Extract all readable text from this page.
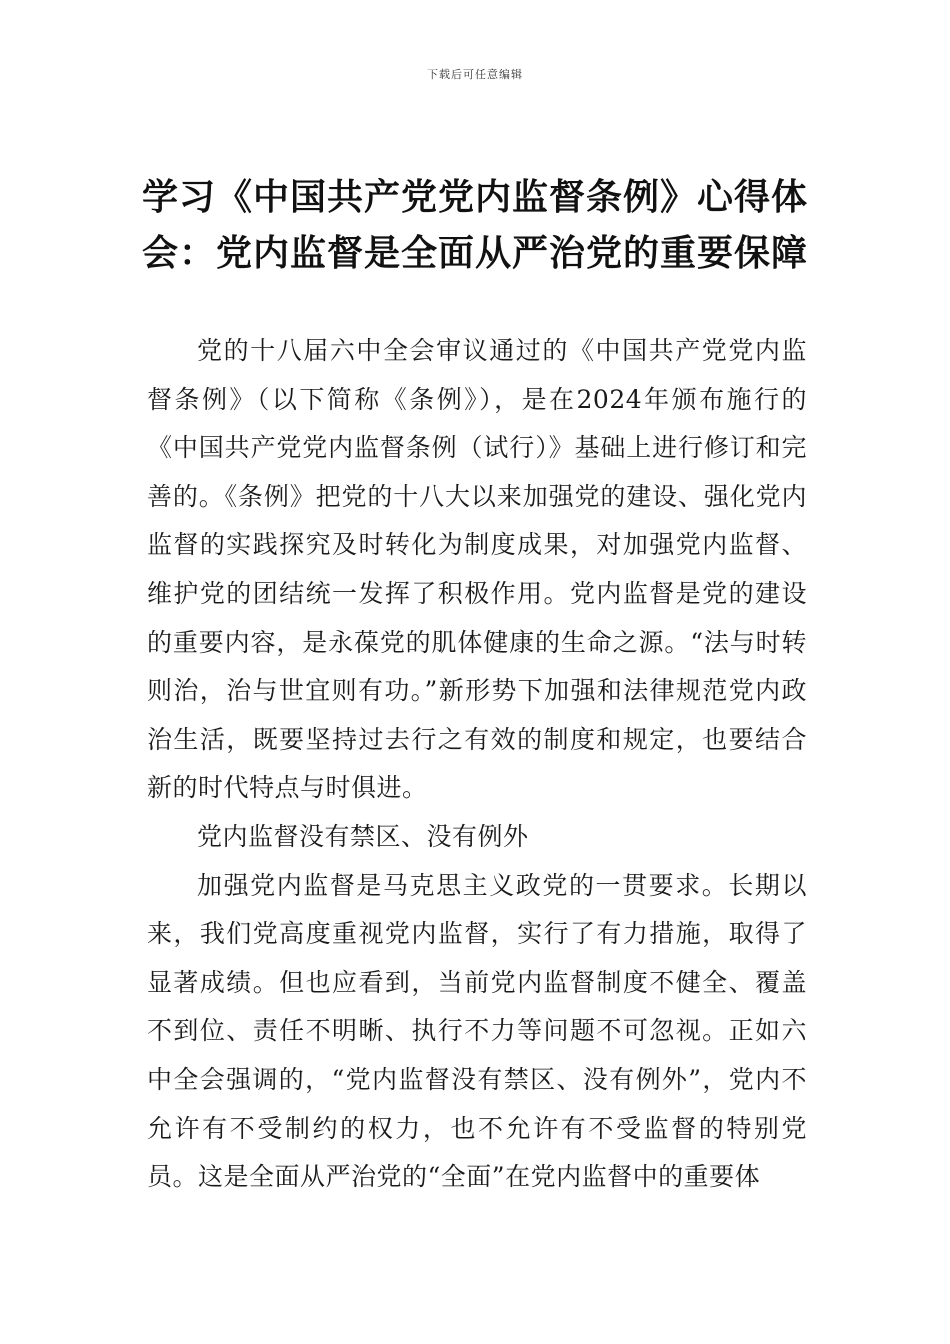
下载后可任意编辑
学习《中国共产党党内监督条例》心得体会：党内监督是全面从严治党的重要保障

党的十八届六中全会审议通过的《中国共产党党内监督条例》（以下简称《条例》），是在2024年颁布施行的《中国共产党党内监督条例（试行）》基础上进行修订和完善的。《条例》把党的十八大以来加强党的建设、强化党内监督的实践探究及时转化为制度成果，对加强党内监督、维护党的团结统一发挥了积极作用。党内监督是党的建设的重要内容，是永葆党的肌体健康的生命之源。“法与时转则治，治与世宜则有功。”新形势下加强和法律规范党内政治生活，既要坚持过去行之有效的制度和规定，也要结合新的时代特点与时俱进。

党内监督没有禁区、没有例外

加强党内监督是马克思主义政党的一贯要求。长期以来，我们党高度重视党内监督，实行了有力措施，取得了显著成绩。但也应看到，当前党内监督制度不健全、覆盖不到位、责任不明晰、执行不力等问题不可忽视。正如六中全会强调的，“党内监督没有禁区、没有例外”，党内不允许有不受制约的权力，也不允许有不受监督的特别党员。这是全面从严治党的“全面”在党内监督中的重要体
